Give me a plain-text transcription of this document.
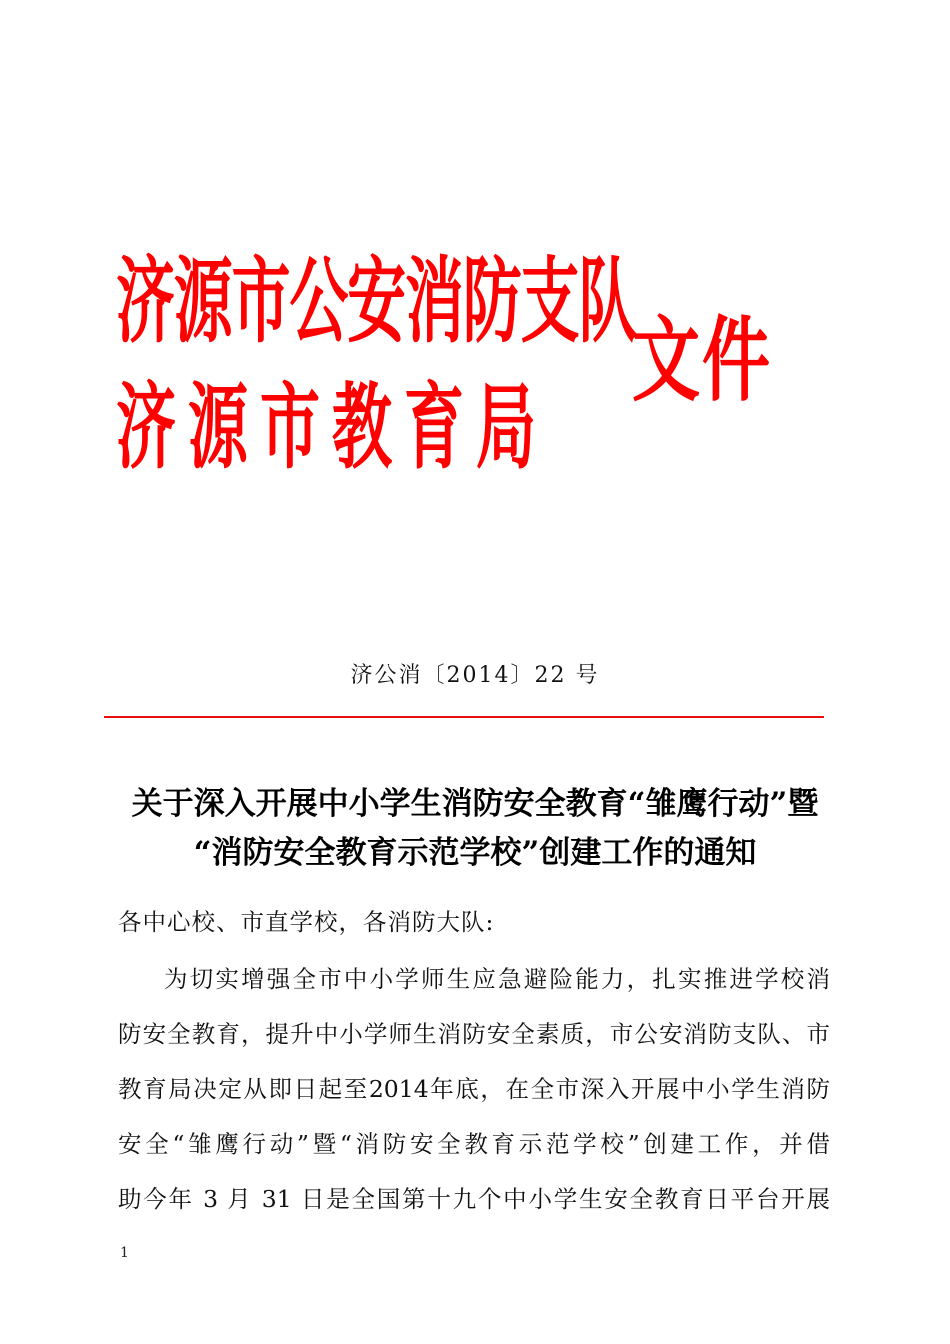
济源市公安消防支队
济源市教育局
文件
济公消〔2014〕22 号
关于深入开展中小学生消防安全教育“雏鹰行动”暨
“消防安全教育示范学校”创建工作的通知
各中心校、市直学校，各消防大队:
为切实增强全市中小学师生应急避险能力，扎实推进学校消
防安全教育，提升中小学师生消防安全素质，市公安消防支队、市
教育局决定从即日起至2014年底，在全市深入开展中小学生消防
安全“雏鹰行动”暨“消防安全教育示范学校”创建工作，并借
助今年 3 月 31 日是全国第十九个中小学生安全教育日平台开展
1
